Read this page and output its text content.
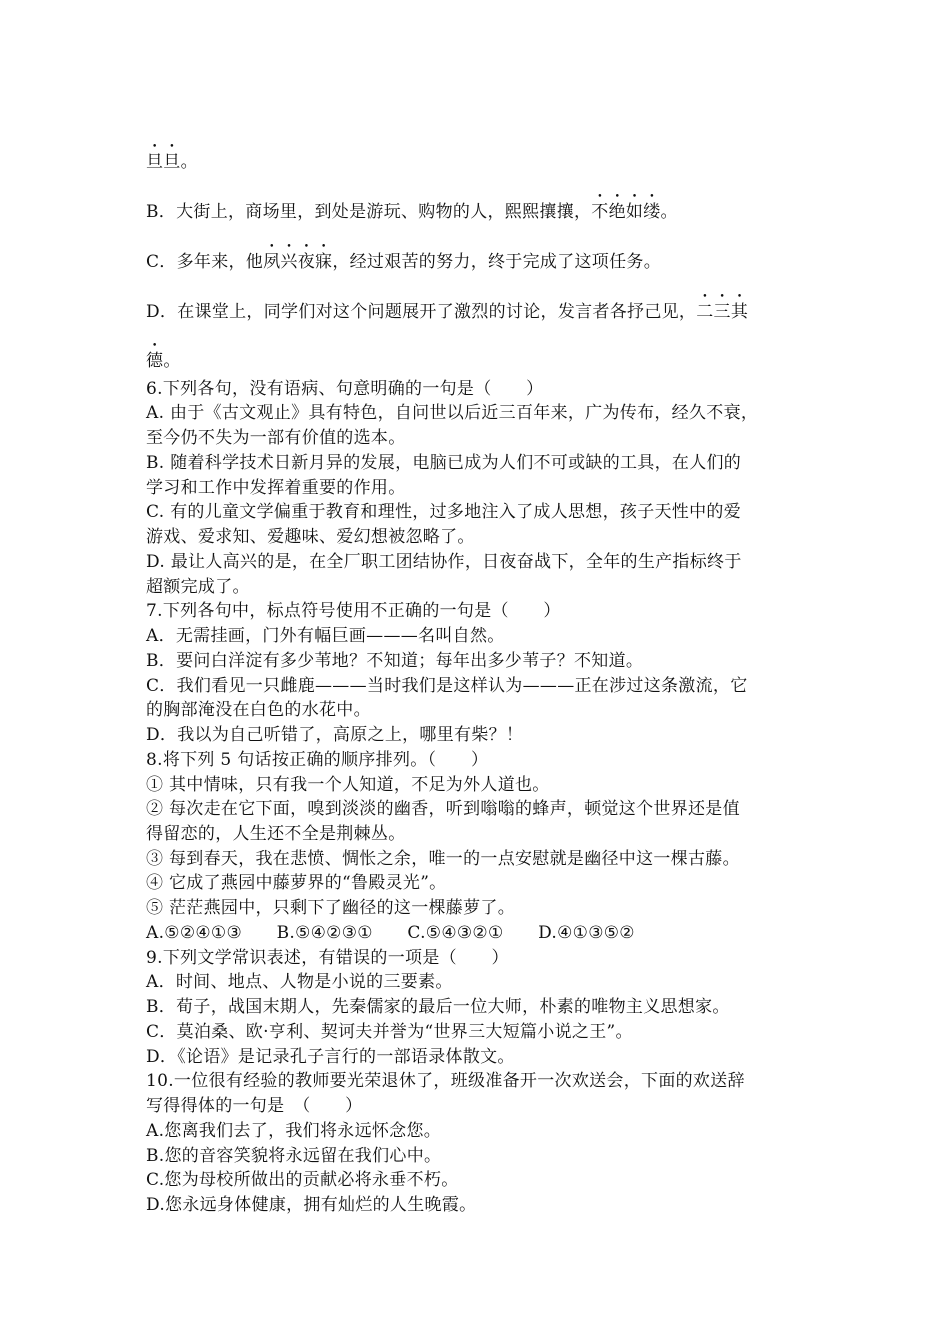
旦旦。
B．大街上，商场里，到处是游玩、购物的人，熙熙攘攘，不绝如缕。
C．多年来，他夙兴夜寐，经过艰苦的努力，终于完成了这项任务。
D．在课堂上，同学们对这个问题展开了激烈的讨论，发言者各抒己见，二三其
德。
6.下列各句，没有语病、句意明确的一句是（　　）
A. 由于《古文观止》具有特色，自问世以后近三百年来，广为传布，经久不衰，
至今仍不失为一部有价值的选本。
B. 随着科学技术日新月异的发展，电脑已成为人们不可或缺的工具，在人们的
学习和工作中发挥着重要的作用。
C. 有的儿童文学偏重于教育和理性，过多地注入了成人思想，孩子天性中的爱
游戏、爱求知、爱趣味、爱幻想被忽略了。
D. 最让人高兴的是，在全厂职工团结协作，日夜奋战下，全年的生产指标终于
超额完成了。
7.下列各句中，标点符号使用不正确的一句是（　　）
A．无需挂画，门外有幅巨画———名叫自然。
B．要问白洋淀有多少苇地？不知道；每年出多少苇子？不知道。
C．我们看见一只雌鹿———当时我们是这样认为———正在涉过这条激流，它
的胸部淹没在白色的水花中。
D．我以为自己听错了，高原之上，哪里有柴？！
8.将下列 5 句话按正确的顺序排列。（　　）
① 其中情味，只有我一个人知道，不足为外人道也。
② 每次走在它下面，嗅到淡淡的幽香，听到嗡嗡的蜂声，顿觉这个世界还是值
得留恋的，人生还不全是荆棘丛。
③ 每到春天，我在悲愤、惆怅之余，唯一的一点安慰就是幽径中这一棵古藤。
④ 它成了燕园中藤萝界的“鲁殿灵光”。
⑤ 茫茫燕园中，只剩下了幽径的这一棵藤萝了。
A.⑤②④①③　　B.⑤④②③①　　C.⑤④③②①　　D.④①③⑤②
9.下列文学常识表述，有错误的一项是（　　）
A．时间、地点、人物是小说的三要素。
B．荀子，战国末期人，先秦儒家的最后一位大师，朴素的唯物主义思想家。
C．莫泊桑、欧·亨利、契诃夫并誉为“世界三大短篇小说之王”。
D．《论语》是记录孔子言行的一部语录体散文。
10.一位很有经验的教师要光荣退休了，班级准备开一次欢送会，下面的欢送辞
写得得体的一句是　（　　）
A.您离我们去了，我们将永远怀念您。
B.您的音容笑貌将永远留在我们心中。
C.您为母校所做出的贡献必将永垂不朽。
D.您永远身体健康，拥有灿烂的人生晚霞。
